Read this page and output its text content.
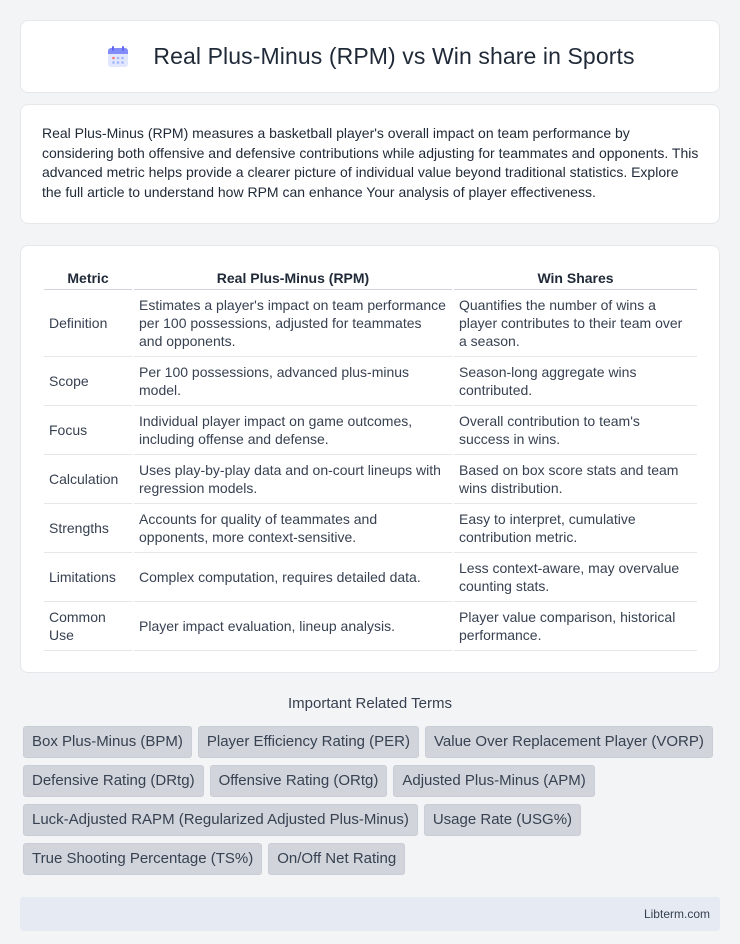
Real Plus-Minus (RPM) vs Win share in Sports

Real Plus-Minus (RPM) measures a basketball player's overall impact on team performance by considering both offensive and defensive contributions while adjusting for teammates and opponents. This advanced metric helps provide a clearer picture of individual value beyond traditional statistics. Explore the full article to understand how RPM can enhance Your analysis of player effectiveness.

Metric	Real Plus-Minus (RPM)	Win Shares
Definition	Estimates a player's impact on team performance per 100 possessions, adjusted for teammates and opponents.	Quantifies the number of wins a player contributes to their team over a season.
Scope	Per 100 possessions, advanced plus-minus model.	Season-long aggregate wins contributed.
Focus	Individual player impact on game outcomes, including offense and defense.	Overall contribution to team's success in wins.
Calculation	Uses play-by-play data and on-court lineups with regression models.	Based on box score stats and team wins distribution.
Strengths	Accounts for quality of teammates and opponents, more context-sensitive.	Easy to interpret, cumulative contribution metric.
Limitations	Complex computation, requires detailed data.	Less context-aware, may overvalue counting stats.
Common Use	Player impact evaluation, lineup analysis.	Player value comparison, historical performance.
Important Related Terms
Box Plus-Minus (BPM)	Player Efficiency Rating (PER)	Value Over Replacement Player (VORP)
Defensive Rating (DRtg)	Offensive Rating (ORtg)	Adjusted Plus-Minus (APM)
Luck-Adjusted RAPM (Regularized Adjusted Plus-Minus)	Usage Rate (USG%)
True Shooting Percentage (TS%)	On/Off Net Rating
Libterm.com
